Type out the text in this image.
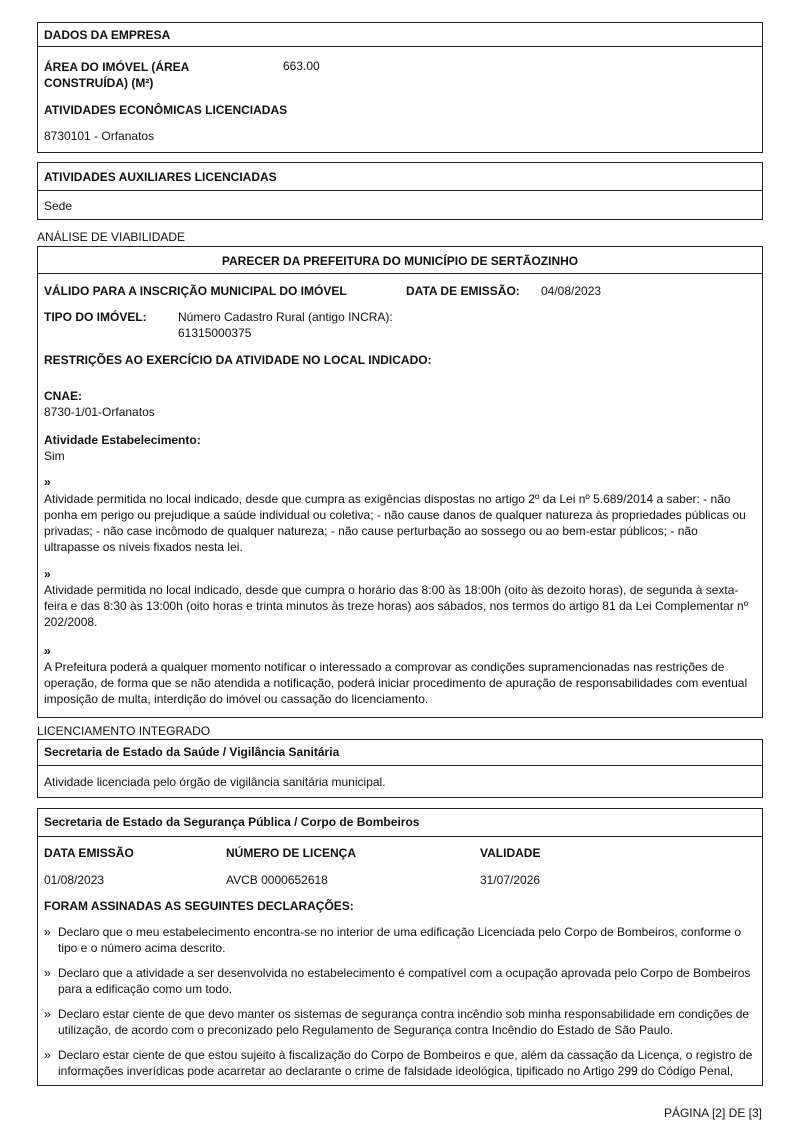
DADOS DA EMPRESA
ÁREA DO IMÓVEL (ÁREA CONSTRUÍDA) (M²)
663.00
ATIVIDADES ECONÔMICAS LICENCIADAS
8730101 - Orfanatos
ATIVIDADES AUXILIARES LICENCIADAS
Sede
ANÁLISE DE VIABILIDADE
PARECER DA PREFEITURA DO MUNICÍPIO DE SERTÃOZINHO
VÁLIDO PARA A INSCRIÇÃO MUNICIPAL DO IMÓVEL	DATA DE EMISSÃO: 04/08/2023
TIPO DO IMÓVEL:	Número Cadastro Rural (antigo INCRA):
61315000375
RESTRIÇÕES AO EXERCÍCIO DA ATIVIDADE NO LOCAL INDICADO:
CNAE:
8730-1/01-Orfanatos
Atividade Estabelecimento:
Sim
»
Atividade permitida no local indicado, desde que cumpra as exigências dispostas no artigo 2º da Lei nº 5.689/2014 a saber: - não ponha em perigo ou prejudique a saúde individual ou coletiva; - não cause danos de qualquer natureza às propriedades públicas ou privadas; - não case incômodo de qualquer natureza; - não cause perturbação ao sossego ou ao bem-estar públicos; - não ultrapasse os níveis fixados nesta lei.
»
Atividade permitida no local indicado, desde que cumpra o horário das 8:00 às 18:00h (oito às dezoito horas), de segunda à sexta-feira e das 8:30 às 13:00h (oito horas e trinta minutos às treze horas) aos sábados, nos termos do artigo 81 da Lei Complementar nº 202/2008.
»
A Prefeitura poderá a qualquer momento notificar o interessado a comprovar as condições supramencionadas nas restrições de operação, de forma que se não atendida a notificação, poderá iniciar procedimento de apuração de responsabilidades com eventual imposição de multa, interdição do imóvel ou cassação do licenciamento.
LICENCIAMENTO INTEGRADO
Secretaria de Estado da Saúde / Vigilância Sanitária
Atividade licenciada pelo órgão de vigilância sanitária municipal.
Secretaria de Estado da Segurança Pública / Corpo de Bombeiros
DATA EMISSÃO	NÚMERO DE LICENÇA	VALIDADE
01/08/2023	AVCB 0000652618	31/07/2026
FORAM ASSINADAS AS SEGUINTES DECLARAÇÕES:
» Declaro que o meu estabelecimento encontra-se no interior de uma edificação Licenciada pelo Corpo de Bombeiros, conforme o tipo e o número acima descrito.
» Declaro que a atividade a ser desenvolvida no estabelecimento é compatível com a ocupação aprovada pelo Corpo de Bombeiros para a edificação como um todo.
» Declaro estar ciente de que devo manter os sistemas de segurança contra incêndio sob minha responsabilidade em condições de utilização, de acordo com o preconizado pelo Regulamento de Segurança contra Incêndio do Estado de São Paulo.
» Declaro estar ciente de que estou sujeito à fiscalização do Corpo de Bombeiros e que, além da cassação da Licença, o registro de informações inverídicas pode acarretar ao declarante o crime de falsidade ideológica, tipificado no Artigo 299 do Código Penal,
PÁGINA [2] DE [3]
